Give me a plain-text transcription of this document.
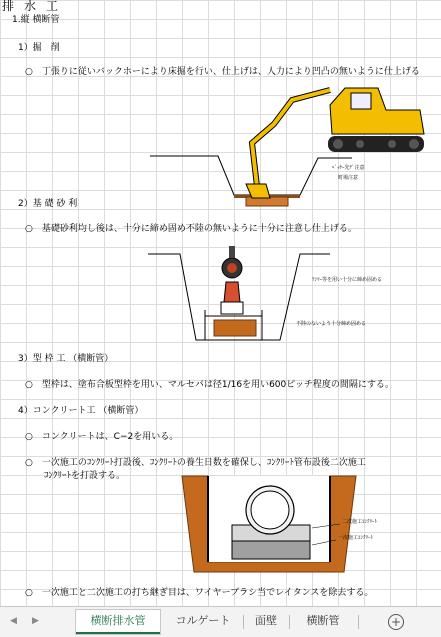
排水工
1.縦 横断管
1）掘　削
○　丁張りに従いバックホーにより床掘を行い、仕上げは、人力により凹凸の無いように仕上げる
ﾍﾞｯｹｰ先ﾃﾞ注意
町場注意
2）基 礎 砂 利
○　基礎砂利均し後は、十分に締め固め不陸の無いように十分に注意し仕上げる。
ﾗﾝﾏｰ等を用い十分に締め固める
不陸のないよう十分締め固める
3）型 枠 工 （横断管）
○　型枠は、塗布合板型枠を用い、マルセパは径1/16を用い600ピッチ程度の間隔にする。
4）コンクリート工 （横断管）
○　コンクリートは、C−2を用いる。
○　一次施工のｺﾝｸﾘｰﾄ打設後、ｺﾝｸﾘｰﾄの養生日数を確保し、ｺﾝｸﾘｰﾄ管布設後二次施工
ｺﾝｸﾘｰﾄを打設する。
二次施工ｺﾝｸﾘｰﾄ
一次施工ｺﾝｸﾘｰﾄ
○　一次施工と二次施工の打ち継ぎ目は、ワイヤーブラシ当でレイタンスを除去する。
◀ ▶	横断排水管	コルゲート	面壁	横断管	+
